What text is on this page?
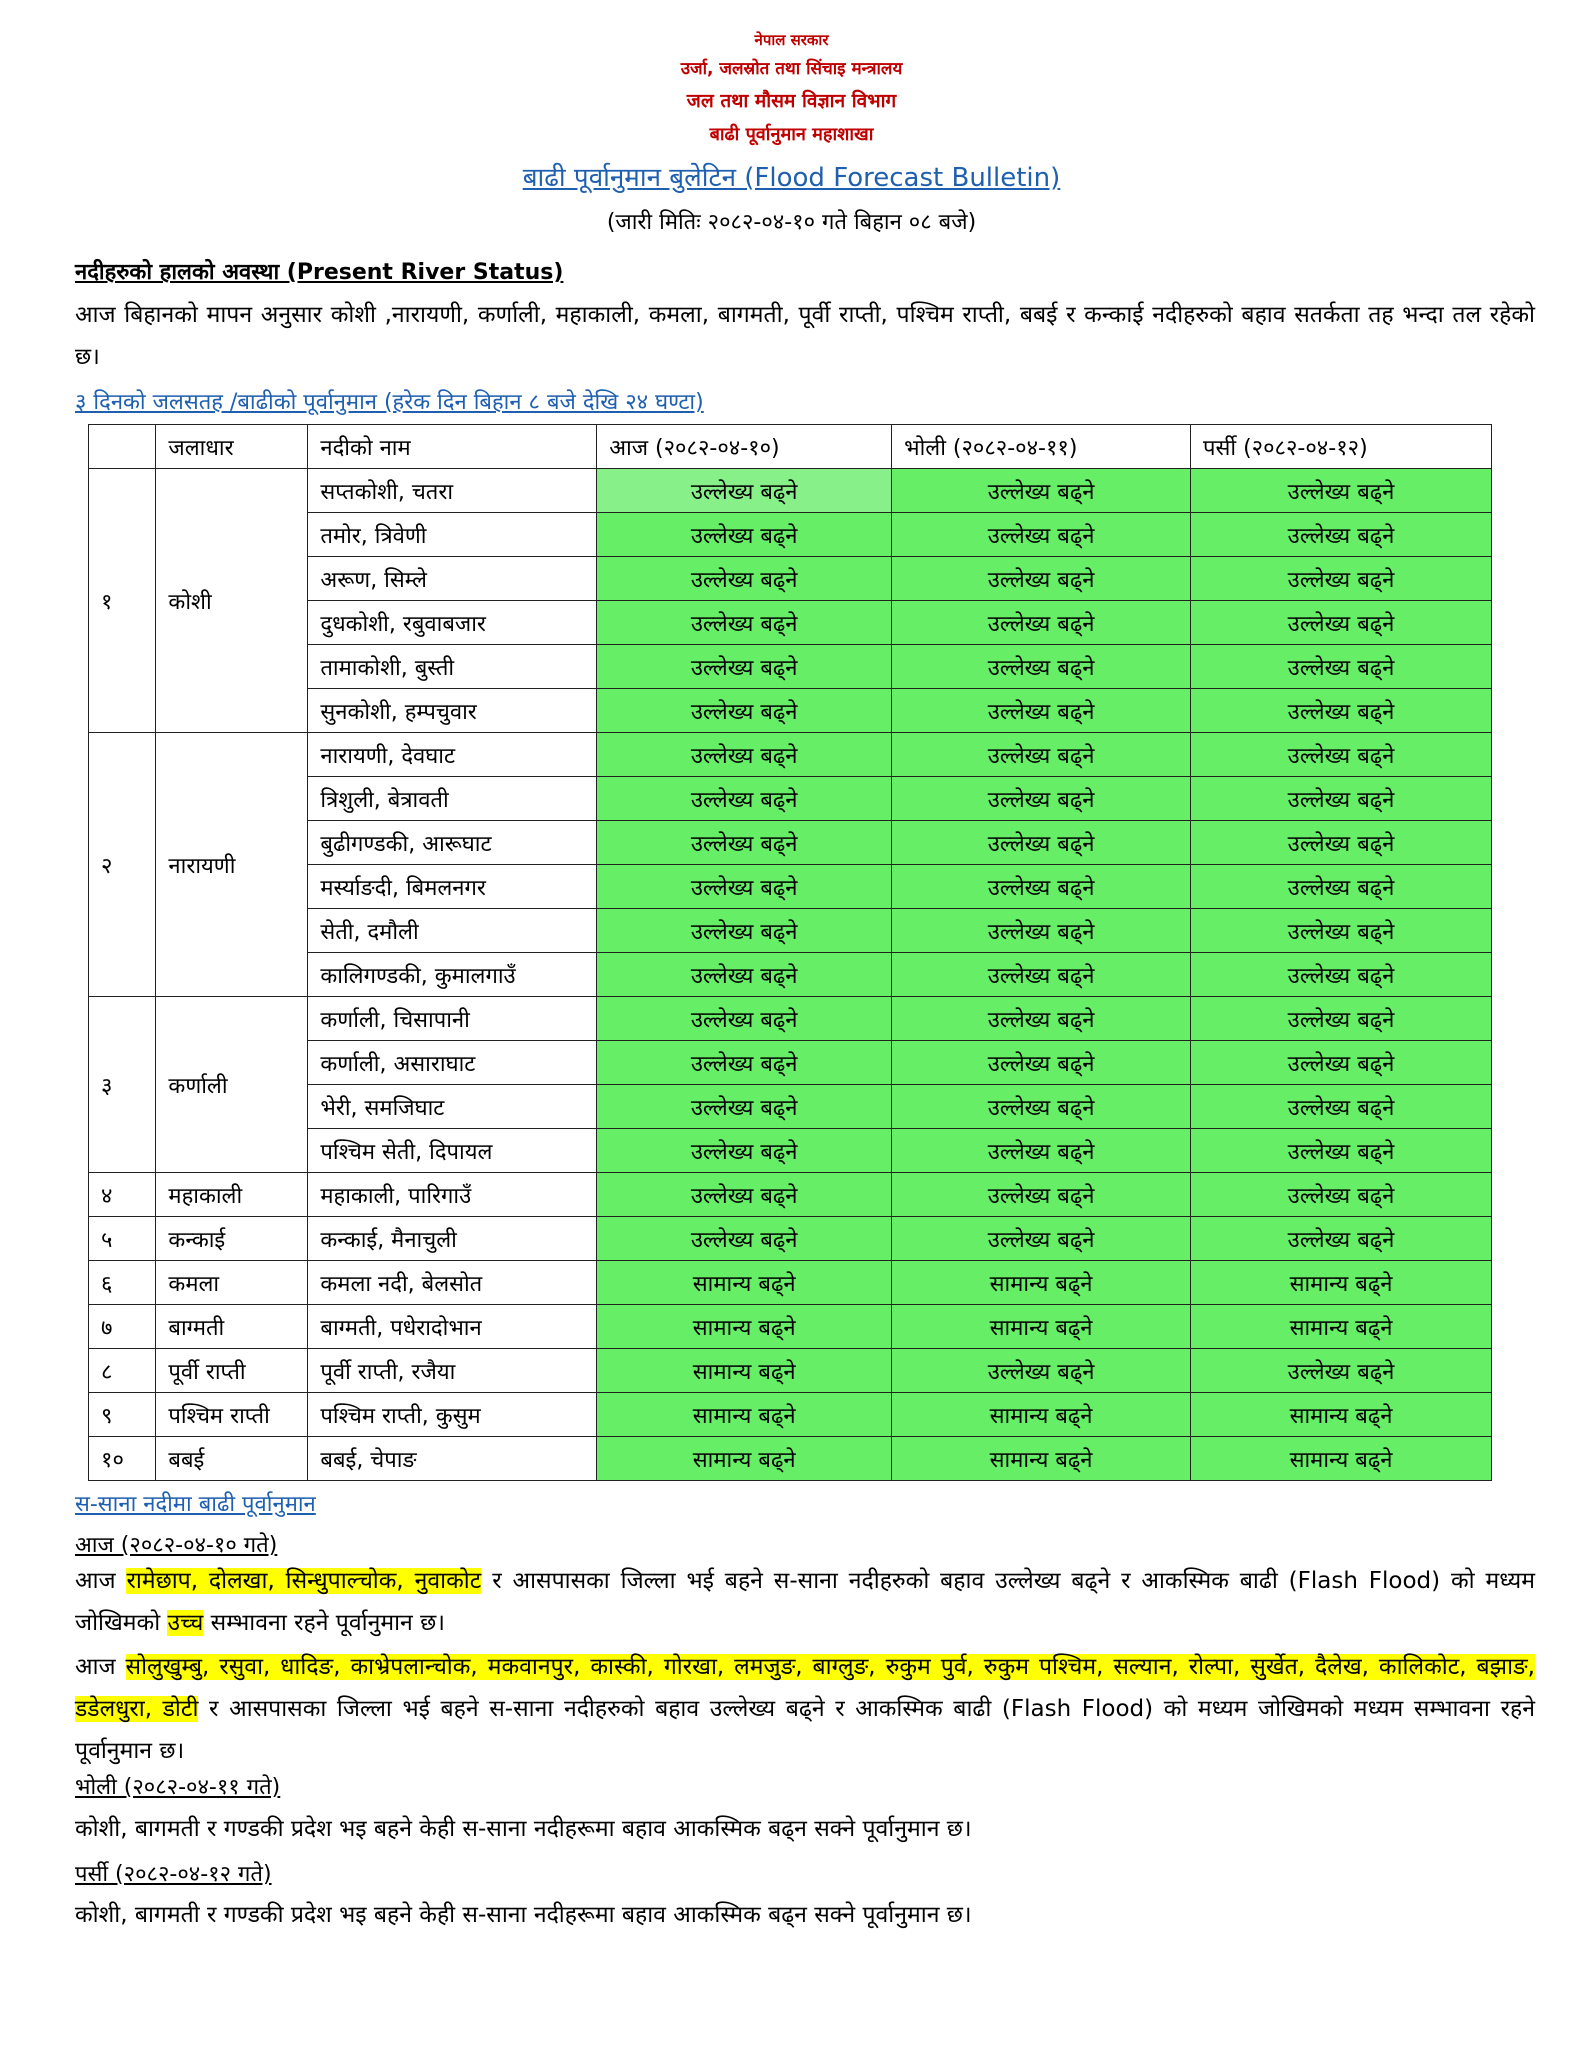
नेपाल सरकार
उर्जा, जलस्रोत तथा सिंचाइ मन्त्रालय
जल तथा मौसम विज्ञान विभाग
बाढी पूर्वानुमान महाशाखा
बाढी पूर्वानुमान बुलेटिन (Flood Forecast Bulletin)
(जारी मितिः २०८२-०४-१० गते बिहान ०८ बजे)
नदीहरुको हालको अवस्था (Present River Status)
आज बिहानको मापन अनुसार कोशी ,नारायणी, कर्णाली, महाकाली, कमला, बागमती, पूर्वी राप्ती, पश्चिम राप्ती, बबई र कन्काई नदीहरुको बहाव सतर्कता तह भन्दा तल रहेको छ।
३ दिनको जलसतह /बाढीको पूर्वानुमान (हरेक दिन बिहान ८ बजे देखि २४ घण्टा)
	जलाधार	नदीको नाम	आज (२०८२-०४-१०)	भोली (२०८२-०४-११)	पर्सी (२०८२-०४-१२)
१	कोशी	सप्तकोशी, चतरा	उल्लेख्य बढ्ने	उल्लेख्य बढ्ने	उल्लेख्य बढ्ने
		तमोर, त्रिवेणी	उल्लेख्य बढ्ने	उल्लेख्य बढ्ने	उल्लेख्य बढ्ने
		अरूण, सिम्ले	उल्लेख्य बढ्ने	उल्लेख्य बढ्ने	उल्लेख्य बढ्ने
		दुधकोशी, रबुवाबजार	उल्लेख्य बढ्ने	उल्लेख्य बढ्ने	उल्लेख्य बढ्ने
		तामाकोशी, बुस्ती	उल्लेख्य बढ्ने	उल्लेख्य बढ्ने	उल्लेख्य बढ्ने
		सुनकोशी, हम्पचुवार	उल्लेख्य बढ्ने	उल्लेख्य बढ्ने	उल्लेख्य बढ्ने
२	नारायणी	नारायणी, देवघाट	उल्लेख्य बढ्ने	उल्लेख्य बढ्ने	उल्लेख्य बढ्ने
		त्रिशुली, बेत्रावती	उल्लेख्य बढ्ने	उल्लेख्य बढ्ने	उल्लेख्य बढ्ने
		बुढीगण्डकी, आरूघाट	उल्लेख्य बढ्ने	उल्लेख्य बढ्ने	उल्लेख्य बढ्ने
		मर्स्याङदी, बिमलनगर	उल्लेख्य बढ्ने	उल्लेख्य बढ्ने	उल्लेख्य बढ्ने
		सेती, दमौली	उल्लेख्य बढ्ने	उल्लेख्य बढ्ने	उल्लेख्य बढ्ने
		कालिगण्डकी, कुमालगाउँ	उल्लेख्य बढ्ने	उल्लेख्य बढ्ने	उल्लेख्य बढ्ने
३	कर्णाली	कर्णाली, चिसापानी	उल्लेख्य बढ्ने	उल्लेख्य बढ्ने	उल्लेख्य बढ्ने
		कर्णाली, असाराघाट	उल्लेख्य बढ्ने	उल्लेख्य बढ्ने	उल्लेख्य बढ्ने
		भेरी, समजिघाट	उल्लेख्य बढ्ने	उल्लेख्य बढ्ने	उल्लेख्य बढ्ने
		पश्चिम सेती, दिपायल	उल्लेख्य बढ्ने	उल्लेख्य बढ्ने	उल्लेख्य बढ्ने
४	महाकाली	महाकाली, पारिगाउँ	उल्लेख्य बढ्ने	उल्लेख्य बढ्ने	उल्लेख्य बढ्ने
५	कन्काई	कन्काई, मैनाचुली	उल्लेख्य बढ्ने	उल्लेख्य बढ्ने	उल्लेख्य बढ्ने
६	कमला	कमला नदी, बेलसोत	सामान्य बढ्ने	सामान्य बढ्ने	सामान्य बढ्ने
७	बाग्मती	बाग्मती, पधेरादोभान	सामान्य बढ्ने	सामान्य बढ्ने	सामान्य बढ्ने
८	पूर्वी राप्ती	पूर्वी राप्ती, रजैया	सामान्य बढ्ने	उल्लेख्य बढ्ने	उल्लेख्य बढ्ने
९	पश्चिम राप्ती	पश्चिम राप्ती, कुसुम	सामान्य बढ्ने	सामान्य बढ्ने	सामान्य बढ्ने
१०	बबई	बबई, चेपाङ	सामान्य बढ्ने	सामान्य बढ्ने	सामान्य बढ्ने
स-साना नदीमा बाढी पूर्वानुमान
आज (२०८२-०४-१० गते)
आज रामेछाप, दोलखा, सिन्धुपाल्चोक, नुवाकोट र आसपासका जिल्ला भई बहने स-साना नदीहरुको बहाव उल्लेख्य बढ्ने र आकस्मिक बाढी (Flash Flood) को मध्यम जोखिमको उच्च सम्भावना रहने पूर्वानुमान छ।
आज सोलुखुम्बु, रसुवा, धादिङ, काभ्रेपलान्चोक, मकवानपुर, कास्की, गोरखा, लमजुङ, बाग्लुङ, रुकुम पुर्व, रुकुम पश्चिम, सल्यान, रोल्पा, सुर्खेत, दैलेख, कालिकोट, बझाङ, डडेलधुरा, डोटी र आसपासका जिल्ला भई बहने स-साना नदीहरुको बहाव उल्लेख्य बढ्ने र आकस्मिक बाढी (Flash Flood) को मध्यम जोखिमको मध्यम सम्भावना रहने पूर्वानुमान छ।
भोली (२०८२-०४-११ गते)
कोशी, बागमती र गण्डकी प्रदेश भइ बहने केही स-साना नदीहरूमा बहाव आकस्मिक बढ्न सक्ने पूर्वानुमान छ।
पर्सी (२०८२-०४-१२ गते)
कोशी, बागमती र गण्डकी प्रदेश भइ बहने केही स-साना नदीहरूमा बहाव आकस्मिक बढ्न सक्ने पूर्वानुमान छ।
